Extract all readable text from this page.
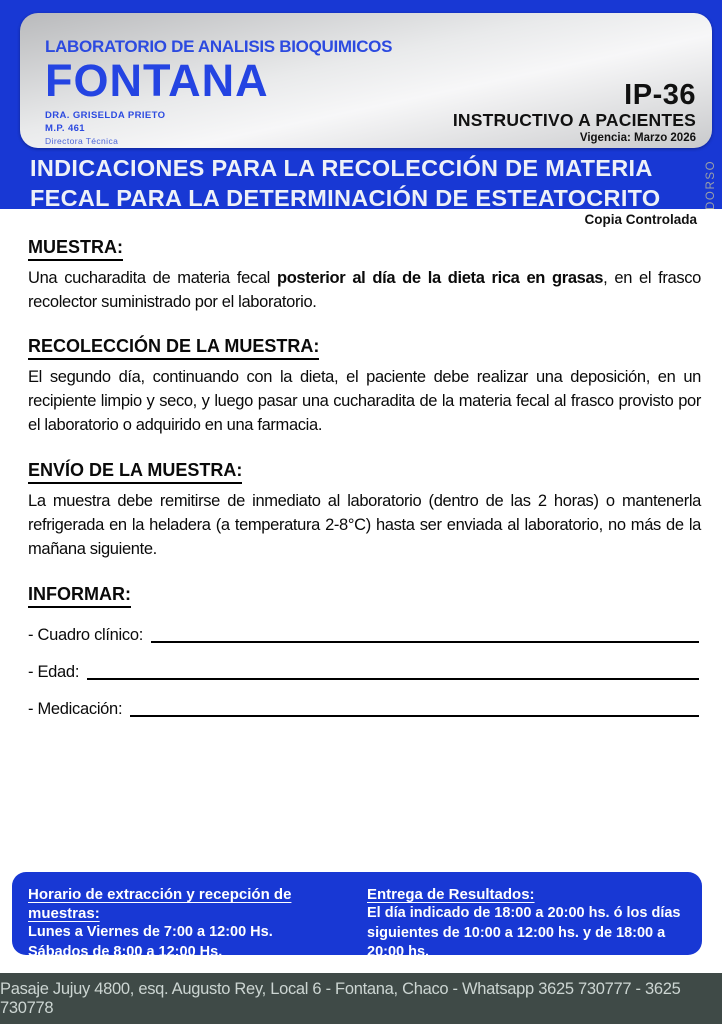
LABORATORIO DE ANALISIS BIOQUIMICOS
FONTANA
DRA. GRISELDA PRIETO
M.P. 461
Directora Técnica
IP-36
INSTRUCTIVO A PACIENTES
Vigencia: Marzo 2026
INDICACIONES PARA LA RECOLECCIÓN DE MATERIA
FECAL PARA LA DETERMINACIÓN DE ESTEATOCRITO	DORSO
Copia Controlada
MUESTRA:

Una cucharadita de materia fecal posterior al día de la dieta rica en grasas, en el frasco recolector suministrado por el laboratorio.

RECOLECCIÓN DE LA MUESTRA:

El segundo día, continuando con la dieta, el paciente debe realizar una deposición, en un recipiente limpio y seco, y luego pasar una cucharadita de la materia fecal al frasco provisto por el laboratorio o adquirido en una farmacia.

ENVÍO DE LA MUESTRA:

La muestra debe remitirse de inmediato al laboratorio (dentro de las 2 horas) o mantenerla refrigerada en la heladera (a temperatura 2-8°C) hasta ser enviada al laboratorio, no más de la mañana siguiente.

INFORMAR:
- Cuadro clínico:
- Edad:
- Medicación:
Horario de extracción y recepción de muestras:
Lunes a Viernes de 7:00 a 12:00 Hs.
Sábados de 8:00 a 12:00 Hs.
Entrega de Resultados:
El día indicado de 18:00 a 20:00 hs. ó los días
siguientes de 10:00 a 12:00 hs. y de 18:00 a 20:00 hs.
Pasaje Jujuy 4800, esq. Augusto Rey, Local 6 - Fontana, Chaco - Whatsapp 3625 730777 - 3625 730778
